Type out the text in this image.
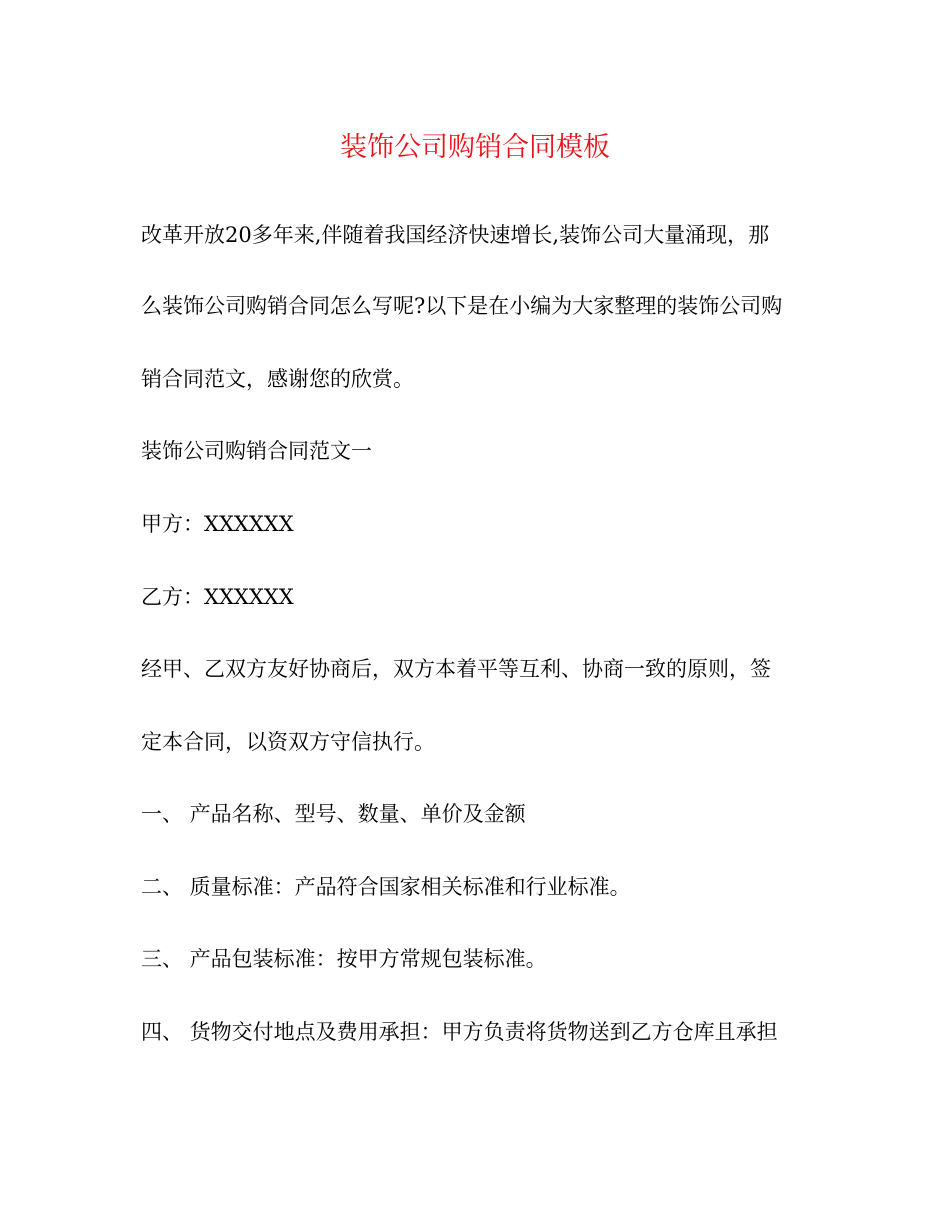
装饰公司购销合同模板
改革开放20多年来,伴随着我国经济快速增长,装饰公司大量涌现，那
么装饰公司购销合同怎么写呢?以下是在小编为大家整理的装饰公司购
销合同范文，感谢您的欣赏。
装饰公司购销合同范文一
甲方：XXXXXX
乙方：XXXXXX
经甲、乙双方友好协商后，双方本着平等互利、协商一致的原则，签
定本合同，以资双方守信执行。
一、 产品名称、型号、数量、单价及金额
二、 质量标准：产品符合国家相关标准和行业标准。
三、 产品包装标准：按甲方常规包装标准。
四、 货物交付地点及费用承担：甲方负责将货物送到乙方仓库且承担
